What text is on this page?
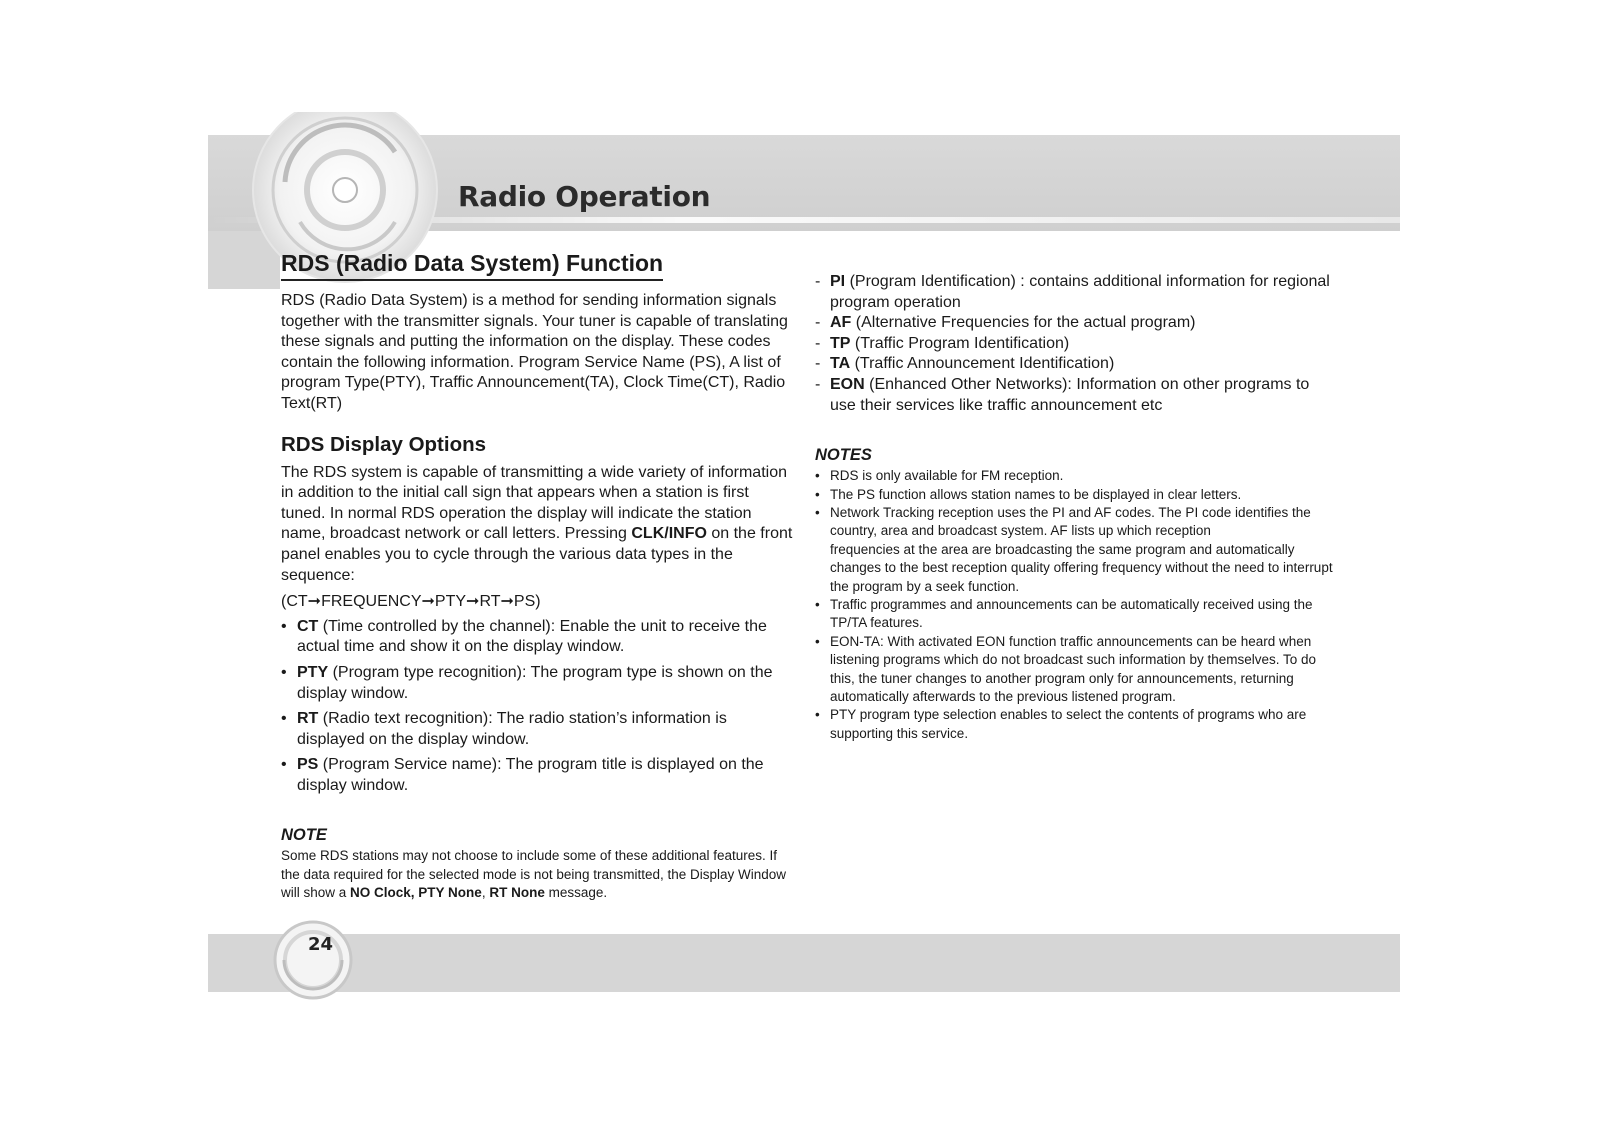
Radio Operation
RDS (Radio Data System) Function

RDS (Radio Data System) is a method for sending information signals together with the transmitter signals. Your tuner is capable of translating these signals and putting the information on the display. These codes contain the following information. Program Service Name (PS), A list of program Type(PTY), Traffic Announcement(TA), Clock Time(CT), Radio Text(RT)

RDS Display Options

The RDS system is capable of transmitting a wide variety of information in addition to the initial call sign that appears when a station is first tuned. In normal RDS operation the display will indicate the station name, broadcast network or call letters. Pressing CLK/INFO on the front panel enables you to cycle through the various data types in the sequence:

(CT➞FREQUENCY➞PTY➞RT➞PS)

• CT (Time controlled by the channel): Enable the unit to receive the actual time and show it on the display window.
• PTY (Program type recognition): The program type is shown on the display window.
• RT (Radio text recognition): The radio station’s information is displayed on the display window.
• PS (Program Service name): The program title is displayed on the display window.
NOTE

Some RDS stations may not choose to include some of these additional features. If the data required for the selected mode is not being transmitted, the Display Window will show a NO Clock, PTY None, RT None message.

- PI (Program Identification) : contains additional information for regional program operation
- AF (Alternative Frequencies for the actual program)
- TP (Traffic Program Identification)
- TA (Traffic Announcement Identification)
- EON (Enhanced Other Networks): Information on other programs to use their services like traffic announcement etc
NOTES
• RDS is only available for FM reception.
• The PS function allows station names to be displayed in clear letters.
• Network Tracking reception uses the PI and AF codes. The PI code identifies the country, area and broadcast system. AF lists up which reception
frequencies at the area are broadcasting the same program and automatically changes to the best reception quality offering frequency without the need to interrupt the program by a seek function.
• Traffic programmes and announcements can be automatically received using the TP/TA features.
• EON-TA: With activated EON function traffic announcements can be heard when listening programs which do not broadcast such information by themselves. To do this, the tuner changes to another program only for announcements, returning automatically afterwards to the previous listened program.
• PTY program type selection enables to select the contents of programs who are supporting this service.
24
